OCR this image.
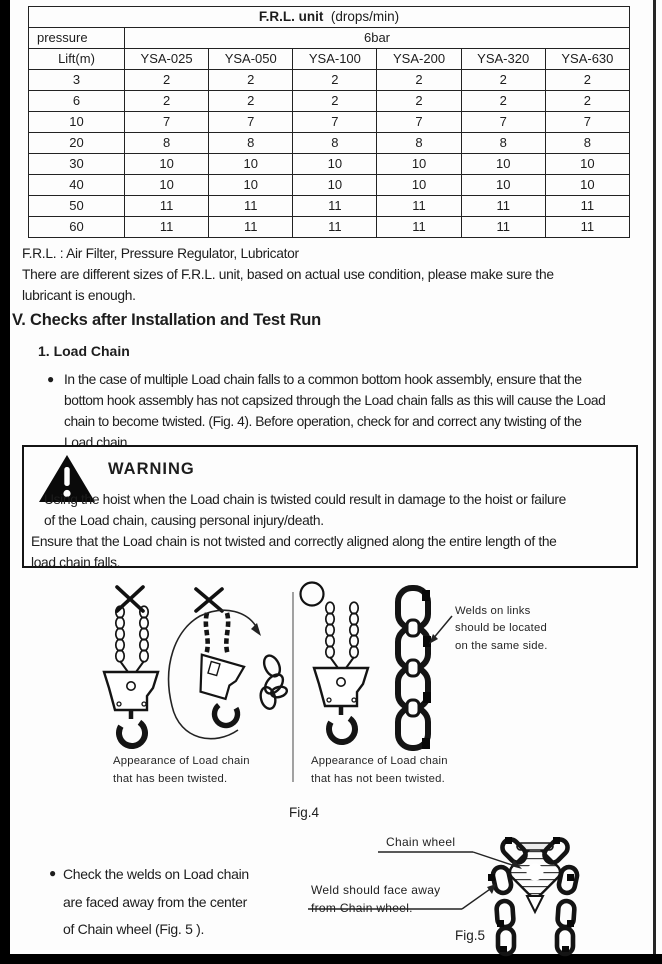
F.R.L. unit (drops/min)						
pressure	6bar					
Lift(m)	YSA-025	YSA-050	YSA-100	YSA-200	YSA-320	YSA-630
3	2	2	2	2	2	2
6	2	2	2	2	2	2
10	7	7	7	7	7	7
20	8	8	8	8	8	8
30	10	10	10	10	10	10
40	10	10	10	10	10	10
50	11	11	11	11	11	11
60	11	11	11	11	11	11
F.R.L. : Air Filter, Pressure Regulator, Lubricator
There are different sizes of F.R.L. unit, based on actual use condition, please make sure the
lubricant is enough.
V. Checks after Installation and Test Run
1. Load Chain
● In the case of multiple Load chain falls to a common bottom hook assembly, ensure that the
bottom hook assembly has not capsized through the Load chain falls as this will cause the Load
chain to become twisted. (Fig. 4). Before operation, check for and correct any twisting of the
Load chain.
WARNING
Using the hoist when the Load chain is twisted could result in damage to the hoist or failure
of the Load chain, causing personal injury/death.
Ensure that the Load chain is not twisted and correctly aligned along the entire length of the
load chain falls.
Appearance of Load chain
that has been twisted.
Appearance of Load chain
that has not been twisted.
Welds on links
should be located
on the same side.
Fig.4
● Check the welds on Load chain
are faced away from the center
of Chain wheel (Fig. 5 ).
Chain wheel
Weld should face away
from Chain wheel.
Fig.5
